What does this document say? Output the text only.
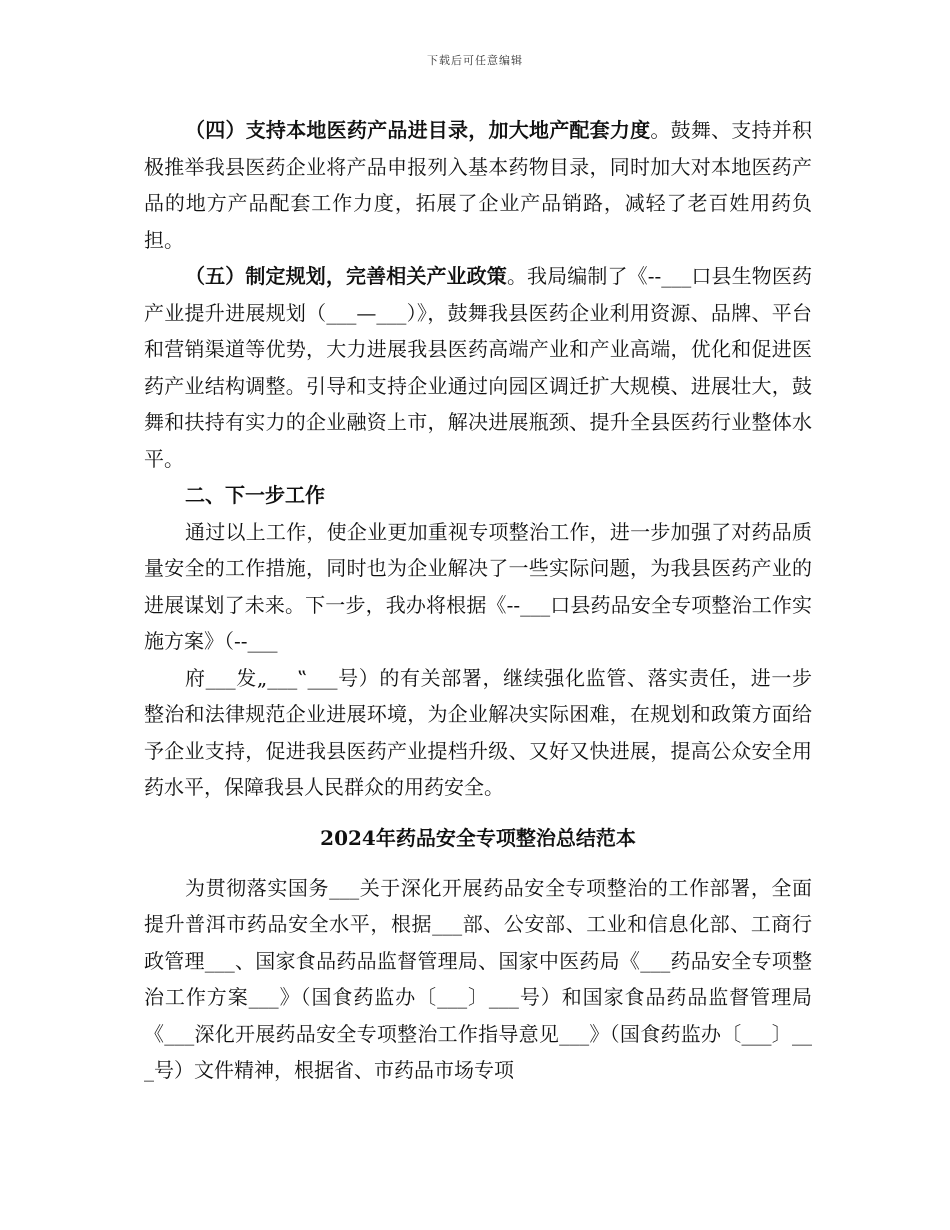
下载后可任意编辑

（四）支持本地医药产品进目录，加大地产配套力度。鼓舞、支持并积极推举我县医药企业将产品申报列入基本药物目录，同时加大对本地医药产品的地方产品配套工作力度，拓展了企业产品销路，减轻了老百姓用药负担。

（五）制定规划，完善相关产业政策。我局编制了《--___口县生物医药产业提升进展规划（___—___）》，鼓舞我县医药企业利用资源、品牌、平台和营销渠道等优势，大力进展我县医药高端产业和产业高端，优化和促进医药产业结构调整。引导和支持企业通过向园区调迁扩大规模、进展壮大，鼓舞和扶持有实力的企业融资上市，解决进展瓶颈、提升全县医药行业整体水平。

二、下一步工作

通过以上工作，使企业更加重视专项整治工作，进一步加强了对药品质量安全的工作措施，同时也为企业解决了一些实际问题，为我县医药产业的进展谋划了未来。下一步，我办将根据《--___口县药品安全专项整治工作实施方案》（--___

府___发„___‟___号）的有关部署，继续强化监管、落实责任，进一步整治和法律规范企业进展环境，为企业解决实际困难，在规划和政策方面给予企业支持，促进我县医药产业提档升级、又好又快进展，提高公众安全用药水平，保障我县人民群众的用药安全。

2024年药品安全专项整治总结范本

为贯彻落实国务___关于深化开展药品安全专项整治的工作部署，全面提升普洱市药品安全水平，根据___部、公安部、工业和信息化部、工商行政管理___、国家食品药品监督管理局、国家中医药局《___药品安全专项整治工作方案___》（国食药监办〔___〕___号）和国家食品药品监督管理局《___深化开展药品安全专项整治工作指导意见___》（国食药监办〔___〕___号）文件精神，根据省、市药品市场专项
